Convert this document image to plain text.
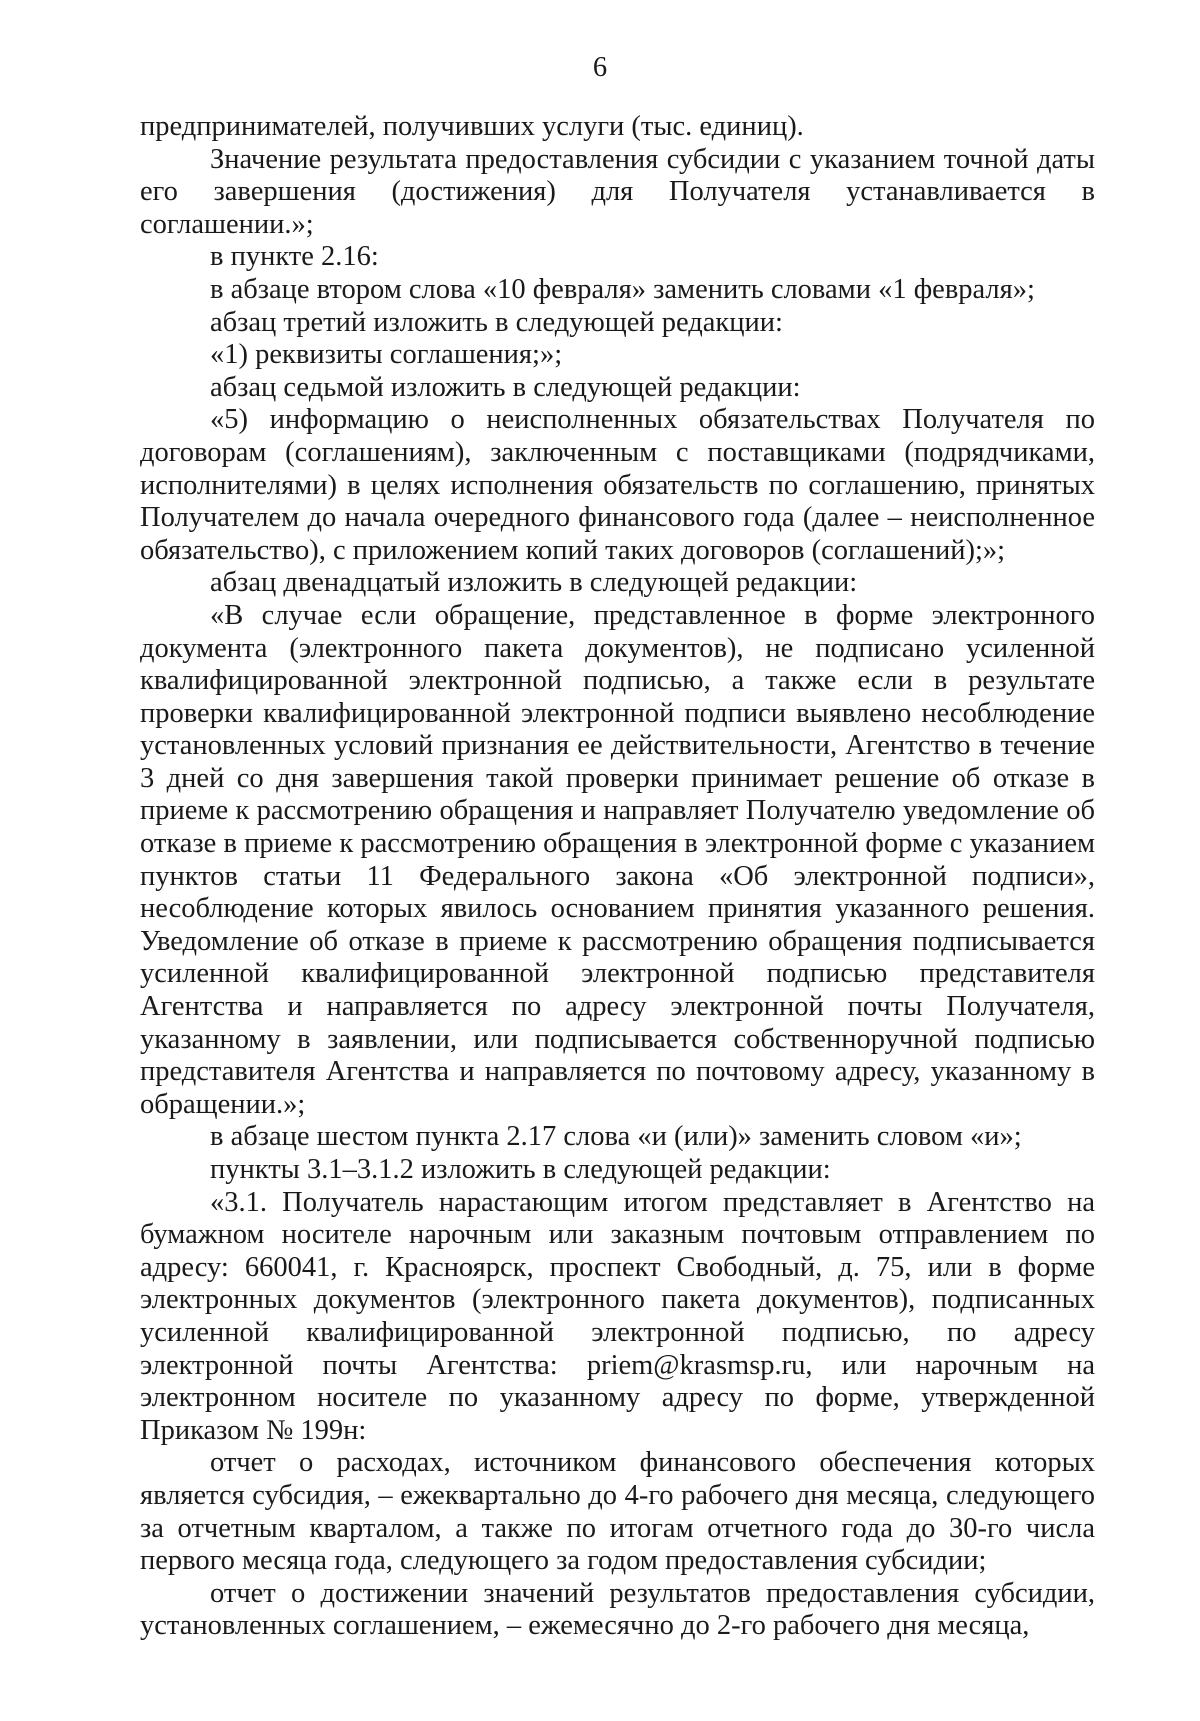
6

предпринимателей, получивших услуги (тыс. единиц).

Значение результата предоставления субсидии с указанием точной даты его завершения (достижения) для Получателя устанавливается в соглашении.»;

в пункте 2.16:

в абзаце втором слова «10 февраля» заменить словами «1 февраля»;

абзац третий изложить в следующей редакции:

«1) реквизиты соглашения;»;

абзац седьмой изложить в следующей редакции:

«5) информацию о неисполненных обязательствах Получателя по договорам (соглашениям), заключенным с поставщиками (подрядчиками, исполнителями) в целях исполнения обязательств по соглашению, принятых Получателем до начала очередного финансового года (далее – неисполненное обязательство), с приложением копий таких договоров (соглашений);»;

абзац двенадцатый изложить в следующей редакции:

«В случае если обращение, представленное в форме электронного документа (электронного пакета документов), не подписано усиленной квалифицированной электронной подписью, а также если в результате проверки квалифицированной электронной подписи выявлено несоблюдение установленных условий признания ее действительности, Агентство в течение 3 дней со дня завершения такой проверки принимает решение об отказе в приеме к рассмотрению обращения и направляет Получателю уведомление об отказе в приеме к рассмотрению обращения в электронной форме с указанием пунктов статьи 11 Федерального закона «Об электронной подписи», несоблюдение которых явилось основанием принятия указанного решения. Уведомление об отказе в приеме к рассмотрению обращения подписывается усиленной квалифицированной электронной подписью представителя Агентства и направляется по адресу электронной почты Получателя, указанному в заявлении, или подписывается собственноручной подписью представителя Агентства и направляется по почтовому адресу, указанному в обращении.»;

в абзаце шестом пункта 2.17 слова «и (или)» заменить словом «и»;

пункты 3.1–3.1.2 изложить в следующей редакции:

«3.1. Получатель нарастающим итогом представляет в Агентство на бумажном носителе нарочным или заказным почтовым отправлением по адресу: 660041, г. Красноярск, проспект Свободный, д. 75, или в форме электронных документов (электронного пакета документов), подписанных усиленной квалифицированной электронной подписью, по адресу электронной почты Агентства: priem@krasmsp.ru, или нарочным на электронном носителе по указанному адресу по форме, утвержденной Приказом № 199н:

отчет о расходах, источником финансового обеспечения которых является субсидия, – ежеквартально до 4-го рабочего дня месяца, следующего за отчетным кварталом, а также по итогам отчетного года до 30-го числа первого месяца года, следующего за годом предоставления субсидии;

отчет о достижении значений результатов предоставления субсидии, установленных соглашением, – ежемесячно до 2-го рабочего дня месяца,
